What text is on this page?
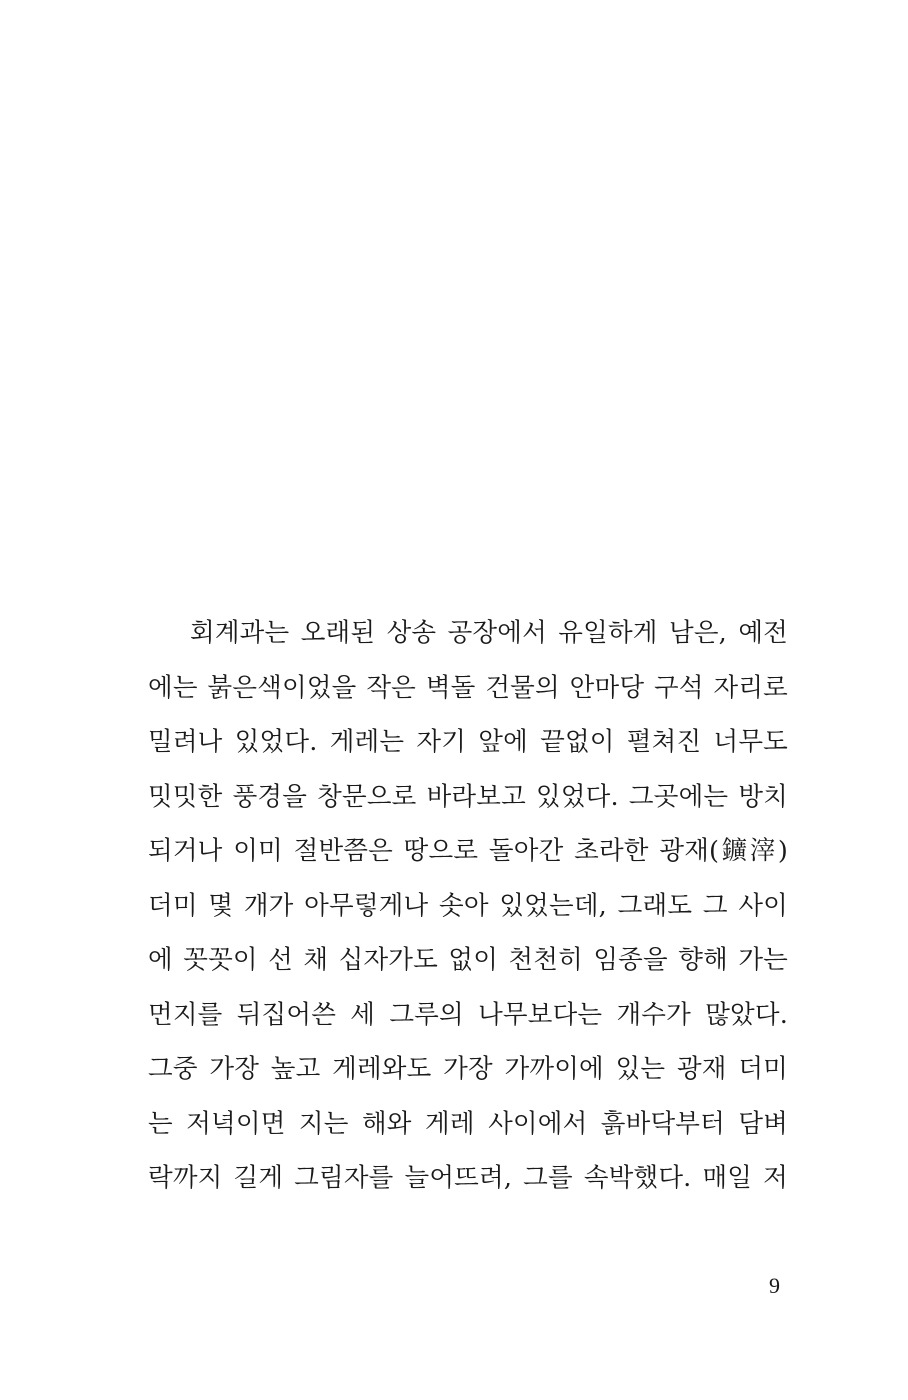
회계과는 오래된 상송 공장에서 유일하게 남은, 예전
에는 붉은색이었을 작은 벽돌 건물의 안마당 구석 자리로
밀려나 있었다. 게레는 자기 앞에 끝없이 펼쳐진 너무도
밋밋한 풍경을 창문으로 바라보고 있었다. 그곳에는 방치
되거나 이미 절반쯤은 땅으로 돌아간 초라한 광재(鑛滓)
더미 몇 개가 아무렇게나 솟아 있었는데, 그래도 그 사이
에 꼿꼿이 선 채 십자가도 없이 천천히 임종을 향해 가는
먼지를 뒤집어쓴 세 그루의 나무보다는 개수가 많았다.
그중 가장 높고 게레와도 가장 가까이에 있는 광재 더미
는 저녁이면 지는 해와 게레 사이에서 흙바닥부터 담벼
락까지 길게 그림자를 늘어뜨려, 그를 속박했다. 매일 저
9
